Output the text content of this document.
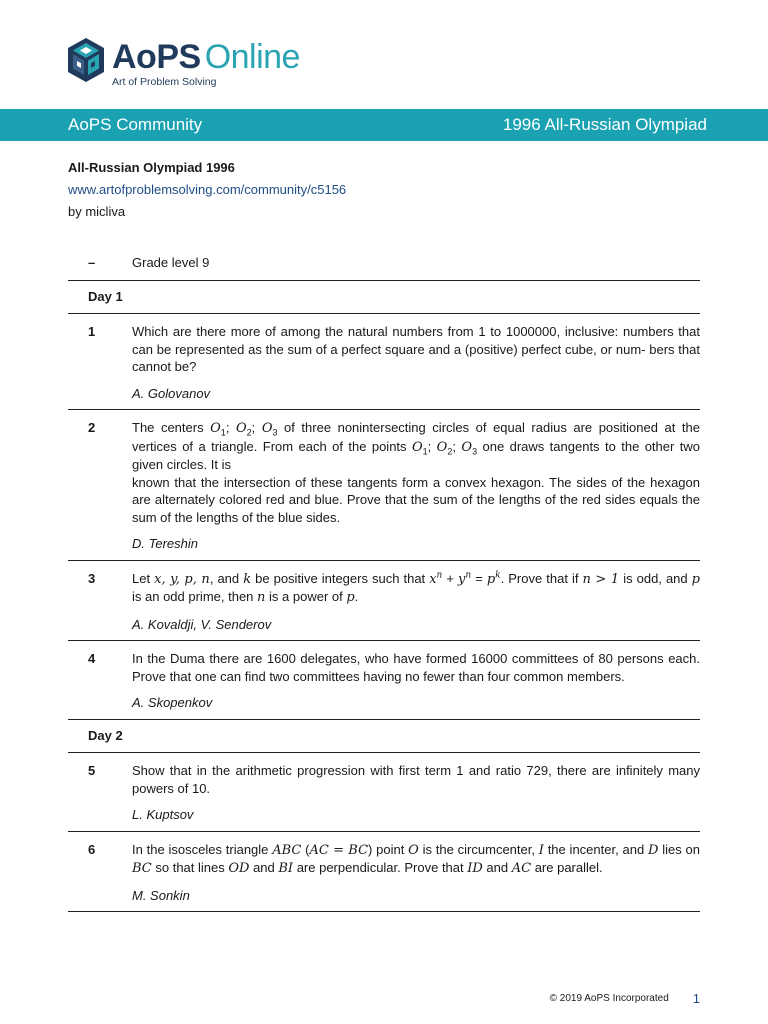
AoPS Online
Art of Problem Solving
AoPS Community	1996 All-Russian Olympiad
All-Russian Olympiad 1996
www.artofproblemsolving.com/community/c5156
by micliva
–	Grade level 9
Day 1
1	Which are there more of among the natural numbers from 1 to 1000000, inclusive: numbers that can be represented as the sum of a perfect square and a (positive) perfect cube, or num- bers that cannot be?

A. Golovanov
2	The centers $O_1$; $O_2$; $O_3$ of three nonintersecting circles of equal radius are positioned at the vertices of a triangle. From each of the points $O_1$; $O_2$; $O_3$ one draws tangents to the other two given circles. It is

known that the intersection of these tangents form a convex hexagon. The sides of the hexagon are alternately colored red and blue. Prove that the sum of the lengths of the red sides equals the sum of the lengths of the blue sides.

D. Tereshin
3	Let x, y, p, n, and k be positive integers such that $x^n + y^n = p^k$. Prove that if n > 1 is odd, and p is an odd prime, then n is a power of p.

A. Kovaldji, V. Senderov
4	In the Duma there are 1600 delegates, who have formed 16000 committees of 80 persons each. Prove that one can find two committees having no fewer than four common members.

A. Skopenkov
Day 2
5	Show that in the arithmetic progression with first term 1 and ratio 729, there are infinitely many powers of 10.

L. Kuptsov
6	In the isosceles triangle ABC (AC = BC) point O is the circumcenter, I the incenter, and D lies on BC so that lines OD and BI are perpendicular. Prove that ID and AC are parallel.

M. Sonkin
© 2019 AoPS Incorporated 1
